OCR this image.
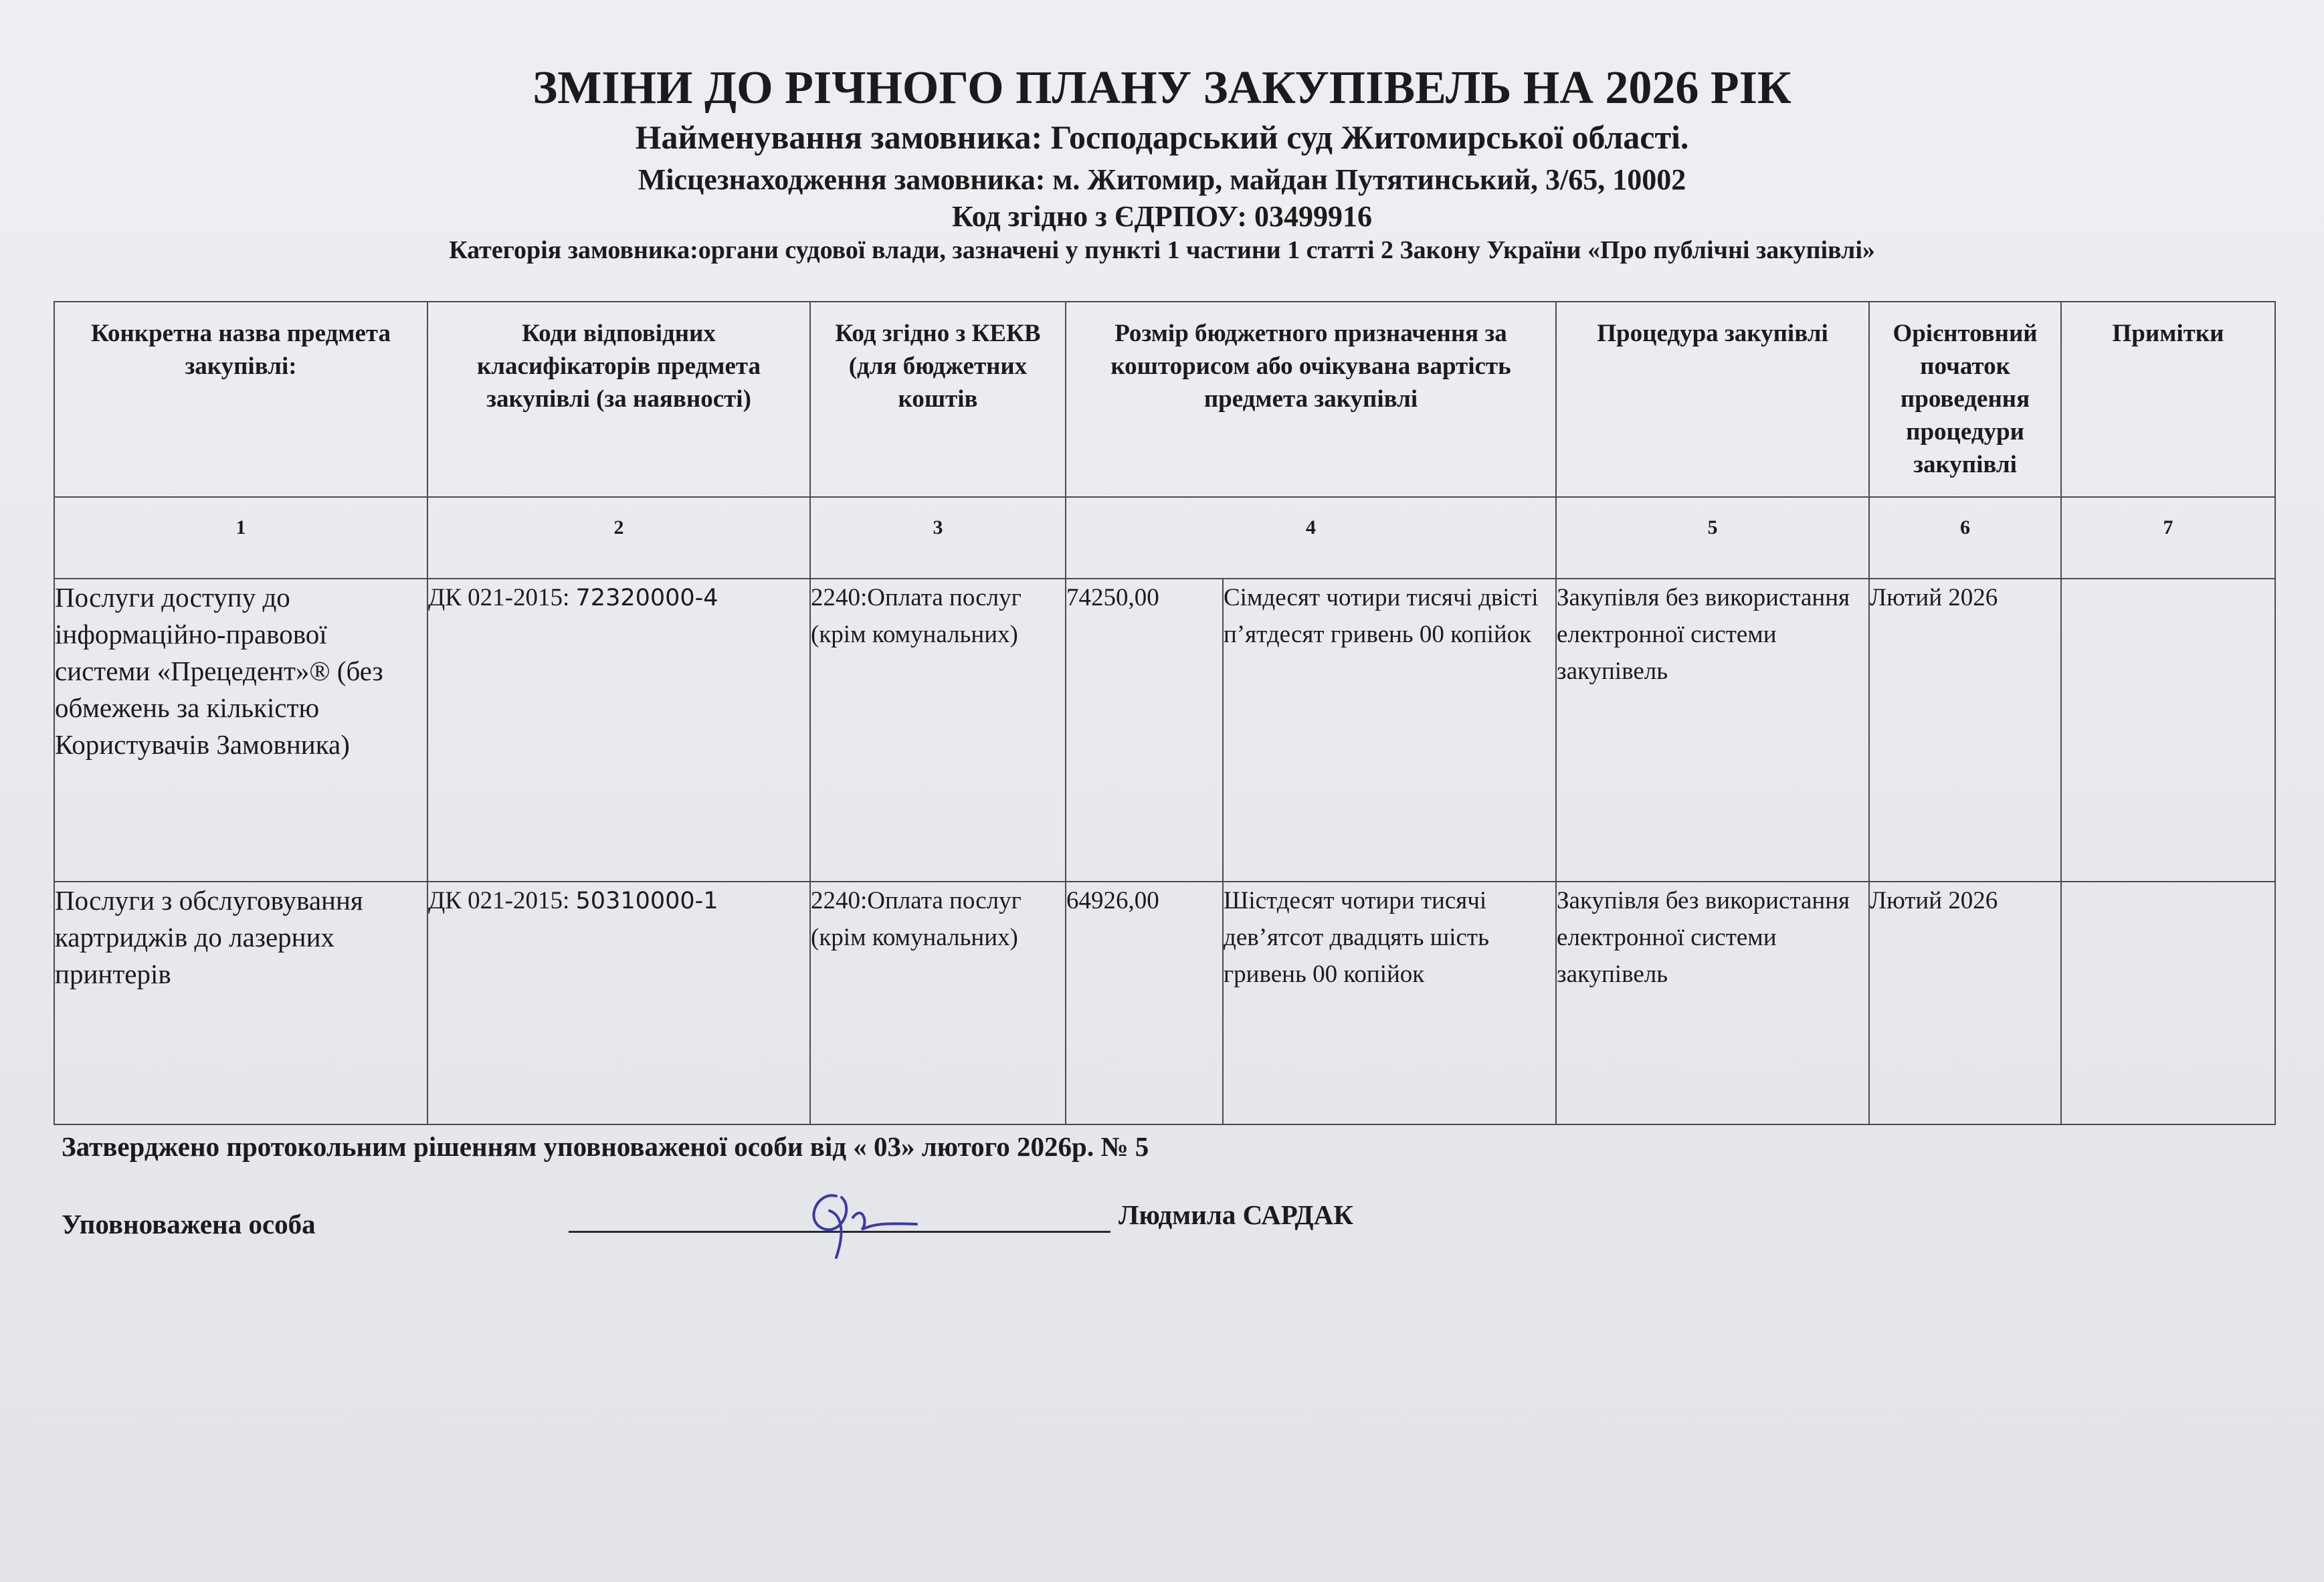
ЗМІНИ ДО РІЧНОГО ПЛАНУ ЗАКУПІВЕЛЬ НА 2026 РІК
Найменування замовника: Господарський суд Житомирської області.
Місцезнаходження замовника: м. Житомир, майдан Путятинський, 3/65, 10002
Код згідно з ЄДРПОУ: 03499916
Категорія замовника:органи судової влади, зазначені у пункті 1 частини 1 статті 2 Закону України «Про публічні закупівлі»
Конкретна назва предмета закупівлі:	Коди відповідних класифікаторів предмета закупівлі (за наявності)	Код згідно з КЕКВ (для бюджетних коштів	Розмір бюджетного призначення за кошторисом або очікувана вартість предмета закупівлі		Процедура закупівлі	Орієнтовний початок проведення процедури закупівлі	Примітки
1	2	3	4		5	6	7
Послуги доступу до інформаційно-правової системи «Прецедент»® (без обмежень за кількістю Користувачів Замовника)	ДК 021-2015: 72320000-4	2240:Оплата послуг (крім комунальних)	74250,00	Сімдесят чотири тисячі двісті п’ятдесят гривень 00 копійок	Закупівля без використання електронної системи закупівель	Лютий 2026	
Послуги з обслуговування картриджів до лазерних принтерів	ДК 021-2015: 50310000-1	2240:Оплата послуг (крім комунальних)	64926,00	Шістдесят чотири тисячі дев’ятсот двадцять шість гривень 00 копійок	Закупівля без використання електронної системи закупівель	Лютий 2026	
Затверджено протокольним рішенням уповноваженої особи від « 03» лютого 2026р. № 5
Уповноважена особа	Людмила САРДАК
